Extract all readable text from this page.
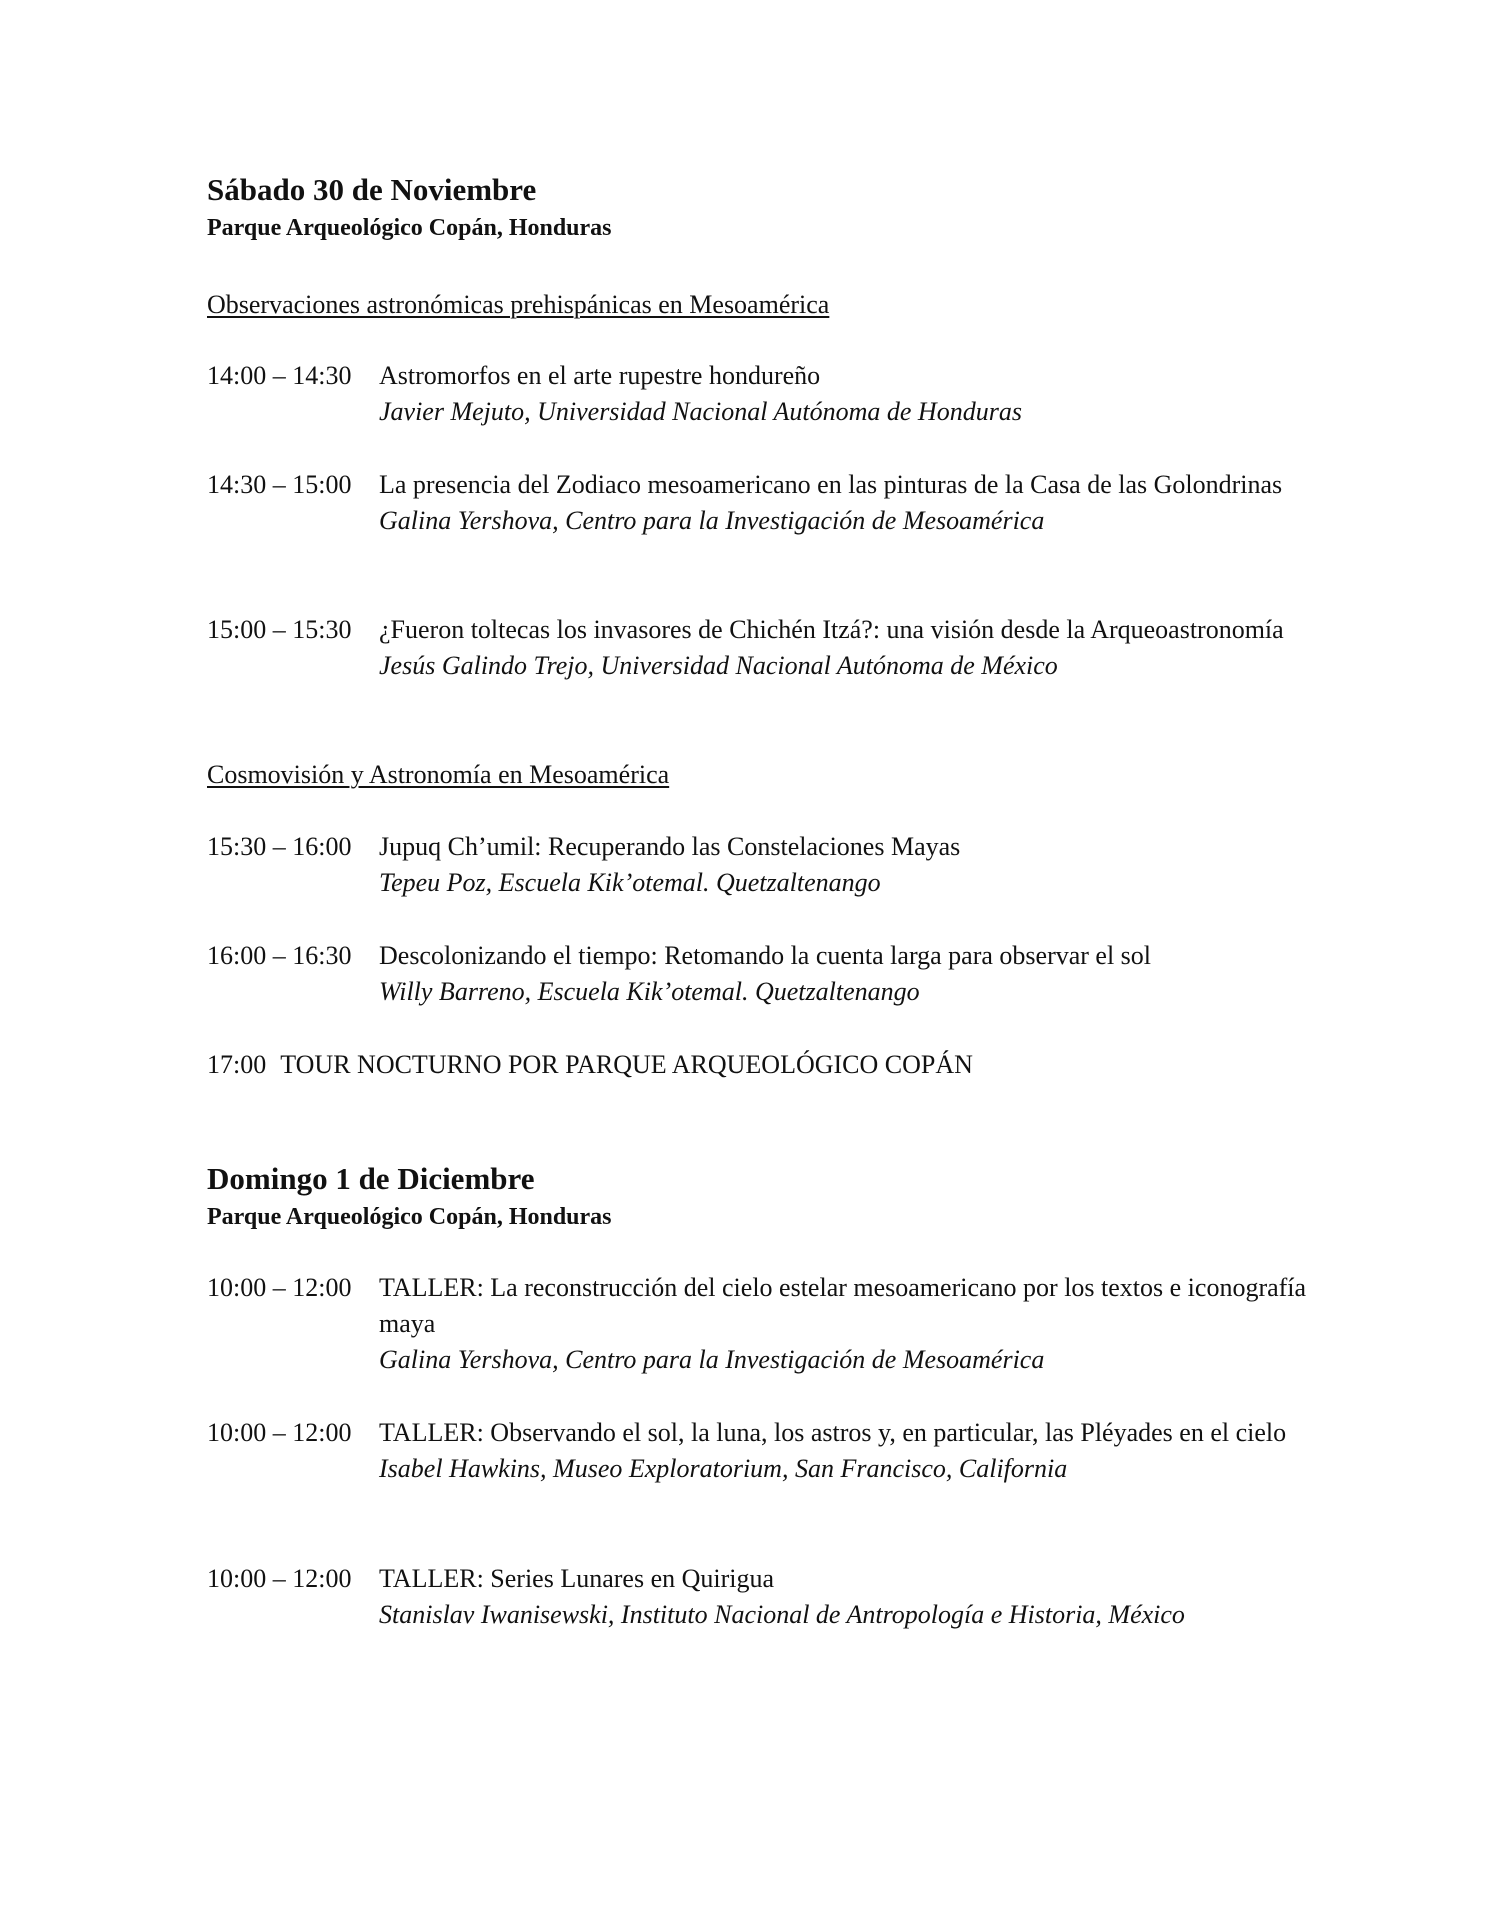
Sábado 30 de Noviembre
Parque Arqueológico Copán, Honduras
Observaciones astronómicas prehispánicas en Mesoamérica
14:00 – 14:30 Astromorfos en el arte rupestre hondureño
Javier Mejuto, Universidad Nacional Autónoma de Honduras
14:30 – 15:00 La presencia del Zodiaco mesoamericano en las pinturas de la Casa de las Golondrinas
Galina Yershova, Centro para la Investigación de Mesoamérica
15:00 – 15:30 ¿Fueron toltecas los invasores de Chichén Itzá?: una visión desde la Arqueoastronomía
Jesús Galindo Trejo, Universidad Nacional Autónoma de México
Cosmovisión y Astronomía en Mesoamérica
15:30 – 16:00 Jupuq Ch’umil: Recuperando las Constelaciones Mayas
Tepeu Poz, Escuela Kik’otemal. Quetzaltenango
16:00 – 16:30 Descolonizando el tiempo: Retomando la cuenta larga para observar el sol
Willy Barreno, Escuela Kik’otemal. Quetzaltenango
17:00 TOUR NOCTURNO POR PARQUE ARQUEOLÓGICO COPÁN
Domingo 1 de Diciembre
Parque Arqueológico Copán, Honduras
10:00 – 12:00 TALLER: La reconstrucción del cielo estelar mesoamericano por los textos e iconografía maya
Galina Yershova, Centro para la Investigación de Mesoamérica
10:00 – 12:00 TALLER: Observando el sol, la luna, los astros y, en particular, las Pléyades en el cielo
Isabel Hawkins, Museo Exploratorium, San Francisco, California
10:00 – 12:00 TALLER: Series Lunares en Quirigua
Stanislav Iwanisewski, Instituto Nacional de Antropología e Historia, México
